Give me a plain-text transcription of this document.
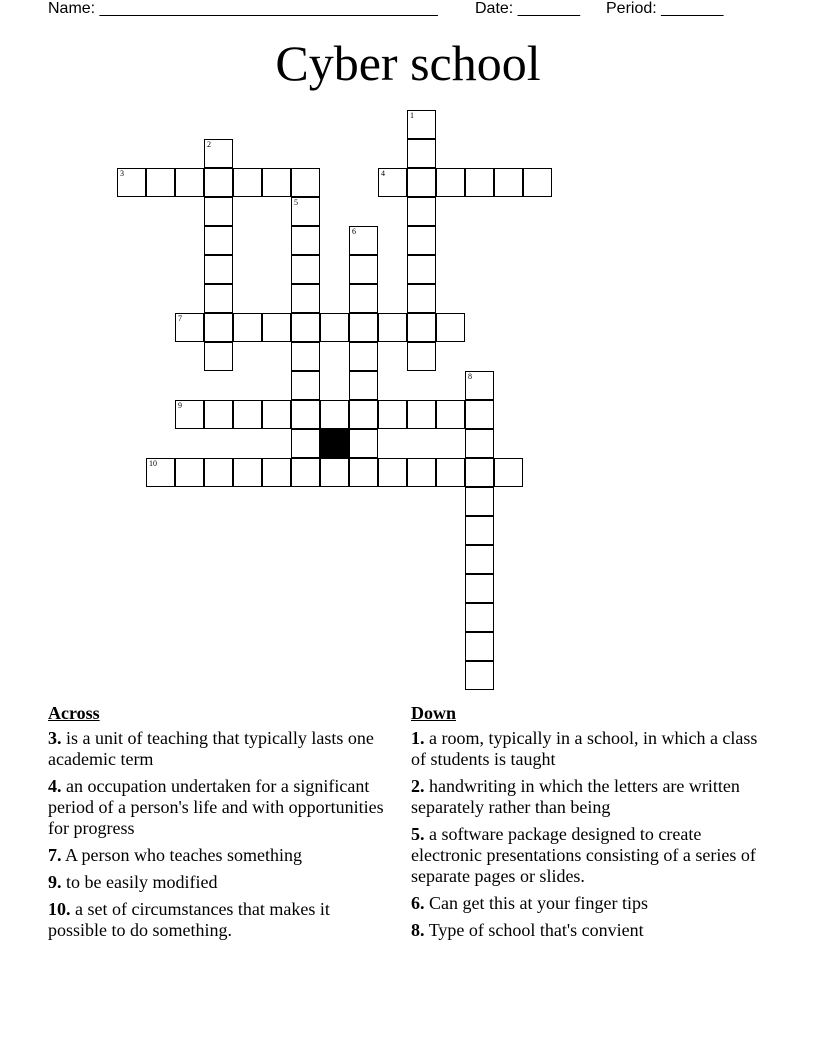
Name: ______________________________________ Date: _______ Period: _______
Cyber school
1
2
3	4
5
6
7
8
9
10
Across
3. is a unit of teaching that typically lasts one academic term
4. an occupation undertaken for a significant period of a person's life and with opportunities for progress
7. A person who teaches something
9. to be easily modified
10. a set of circumstances that makes it possible to do something.
Down
1. a room, typically in a school, in which a class of students is taught
2. handwriting in which the letters are written separately rather than being
5. a software package designed to create electronic presentations consisting of a series of separate pages or slides.
6. Can get this at your finger tips
8. Type of school that's convient
